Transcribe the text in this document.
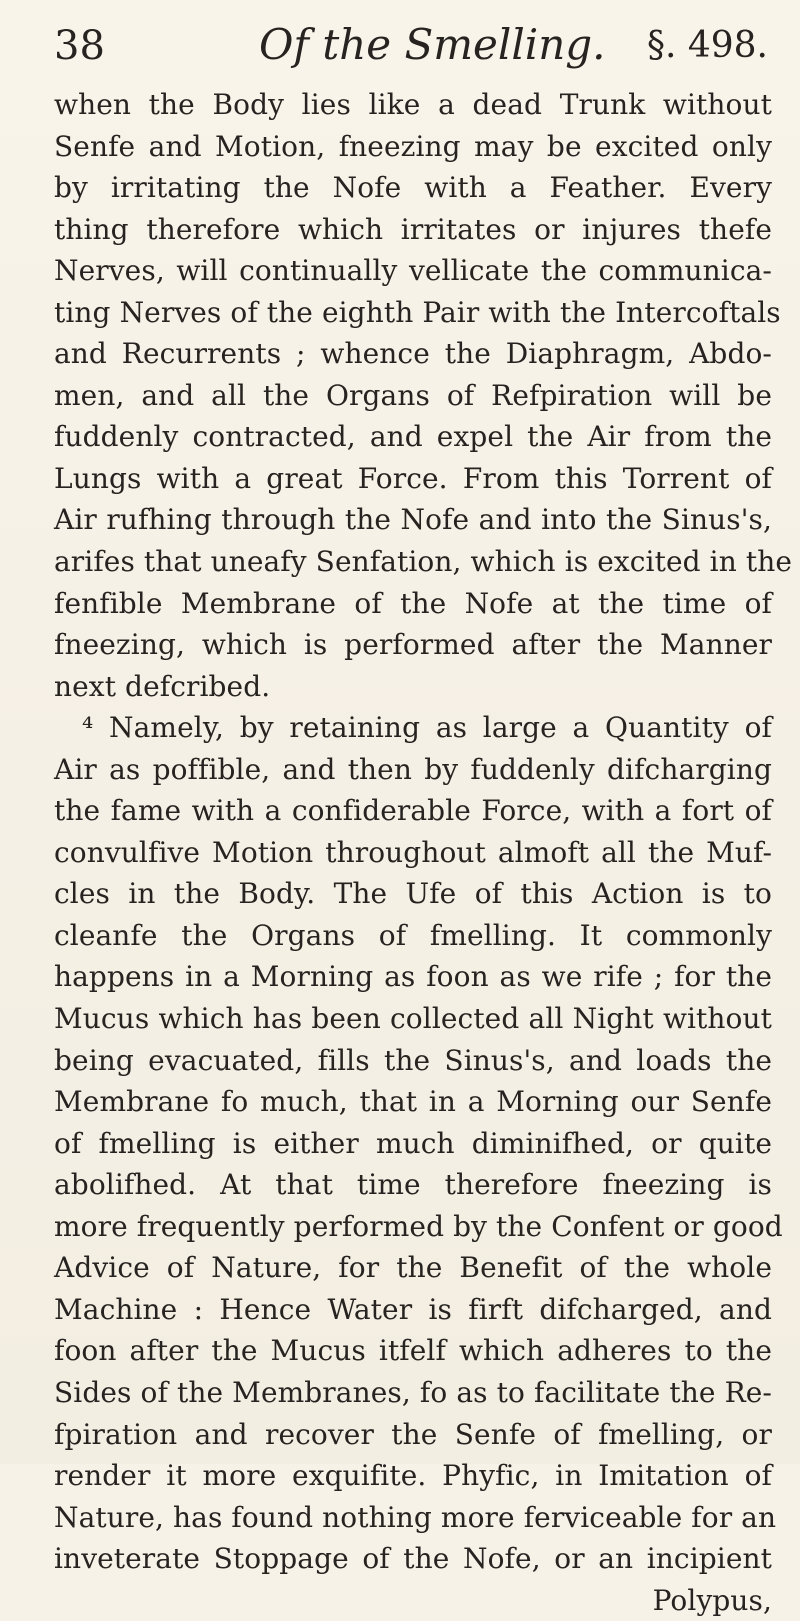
38	Of the Smelling. §. 498.
when the Body lies like a dead Trunk without
Senfe and Motion, fneezing may be excited only
by irritating the Nofe with a Feather. Every
thing therefore which irritates or injures thefe
Nerves, will continually vellicate the communica-
ting Nerves of the eighth Pair with the Intercoftals
and Recurrents ; whence the Diaphragm, Abdo-
men, and all the Organs of Refpiration will be
fuddenly contracted, and expel the Air from the
Lungs with a great Force. From this Torrent of
Air rufhing through the Nofe and into the Sinus's,
arifes that uneafy Senfation, which is excited in the
fenfible Membrane of the Nofe at the time of
fneezing, which is performed after the Manner
next defcribed.
⁴ Namely, by retaining as large a Quantity of
Air as poffible, and then by fuddenly difcharging
the fame with a confiderable Force, with a fort of
convulfive Motion throughout almoft all the Muf-
cles in the Body. The Ufe of this Action is to
cleanfe the Organs of fmelling. It commonly
happens in a Morning as foon as we rife ; for the
Mucus which has been collected all Night without
being evacuated, fills the Sinus's, and loads the
Membrane fo much, that in a Morning our Senfe
of fmelling is either much diminifhed, or quite
abolifhed. At that time therefore fneezing is
more frequently performed by the Confent or good
Advice of Nature, for the Benefit of the whole
Machine : Hence Water is firft difcharged, and
foon after the Mucus itfelf which adheres to the
Sides of the Membranes, fo as to facilitate the Re-
fpiration and recover the Senfe of fmelling, or
render it more exquifite. Phyfic, in Imitation of
Nature, has found nothing more ferviceable for an
inveterate Stoppage of the Nofe, or an incipient
Polypus,
